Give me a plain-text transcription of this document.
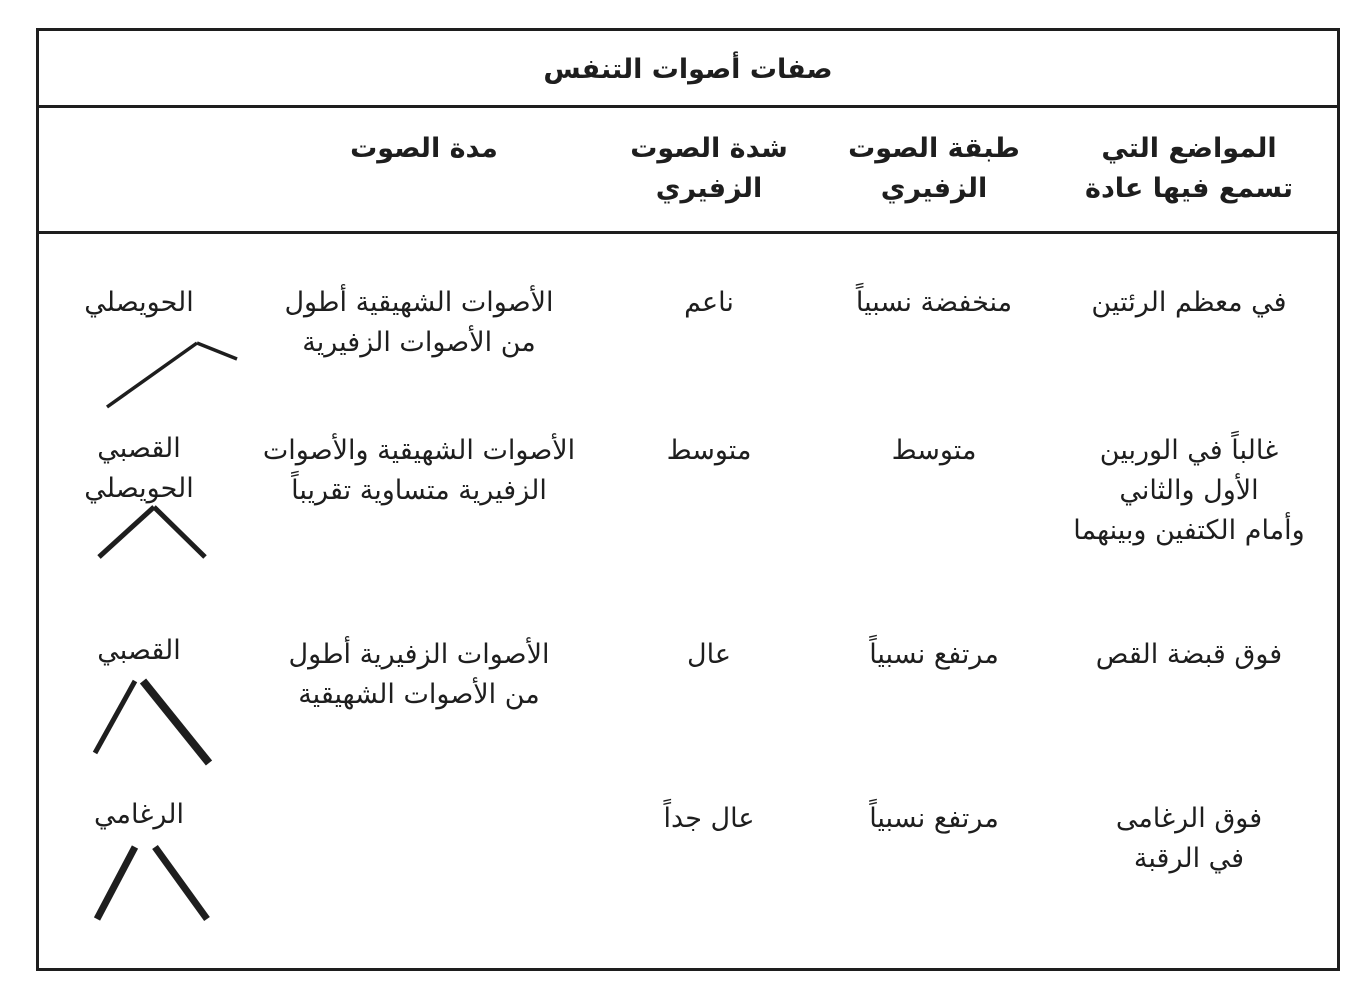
صفات أصوات التنفس
المواضع التي
تسمع فيها عادة
طبقة الصوت
الزفيري
شدة الصوت
الزفيري
مدة الصوت
في معظم الرئتين
منخفضة نسبياً
ناعم
الأصوات الشهيقية أطول
من الأصوات الزفيرية
الحويصلي
غالباً في الوربين
الأول والثاني
وأمام الكتفين وبينهما
متوسط
متوسط
الأصوات الشهيقية والأصوات
الزفيرية متساوية تقريباً
القصبي
الحويصلي
فوق قبضة القص
مرتفع نسبياً
عال
الأصوات الزفيرية أطول
من الأصوات الشهيقية
القصبي
فوق الرغامى
في الرقبة
مرتفع نسبياً
عال جداً
الرغامي
